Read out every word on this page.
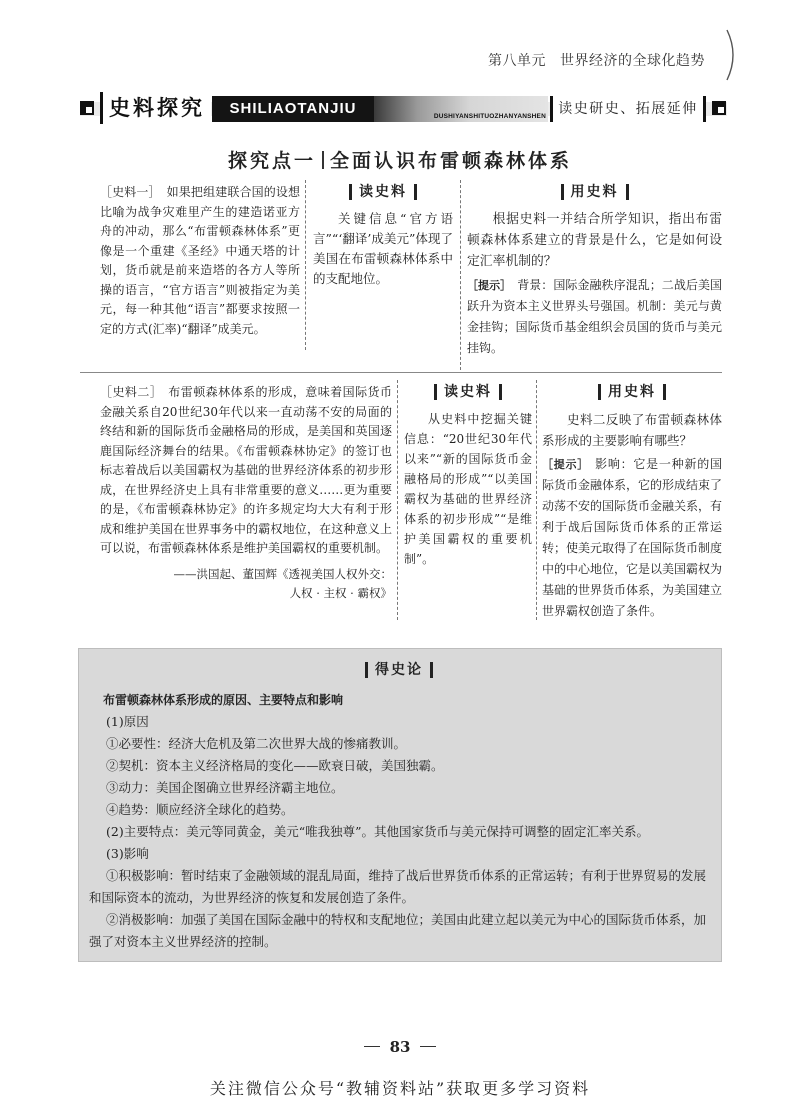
第八单元 世界经济的全球化趋势
史料探究	SHILIAOTANJIU	DUSHIYANSHITUOZHANYANSHEN 读史研史、拓展延伸
探究点一 全面认识布雷顿森林体系

［史料一］ 如果把组建联合国的设想比喻为战争灾难里产生的建造诺亚方舟的冲动，那么“布雷顿森林体系”更像是一个重建《圣经》中通天塔的计划，货币就是前来造塔的各方人等所操的语言，“官方语言”则被指定为美元，每一种其他“语言”都要求按照一定的方式(汇率)“翻译”成美元。

读史料

关键信息“官方语言”“‘翻译’成美元”体现了美国在布雷顿森林体系中的支配地位。

用史料

根据史料一并结合所学知识，指出布雷顿森林体系建立的背景是什么，它是如何设定汇率机制的？

［提示］ 背景：国际金融秩序混乱；二战后美国跃升为资本主义世界头号强国。机制：美元与黄金挂钩；国际货币基金组织会员国的货币与美元挂钩。

［史料二］ 布雷顿森林体系的形成，意味着国际货币金融关系自20世纪30年代以来一直动荡不安的局面的终结和新的国际货币金融格局的形成，是美国和英国逐鹿国际经济舞台的结果。《布雷顿森林协定》的签订也标志着战后以美国霸权为基础的世界经济体系的初步形成，在世界经济史上具有非常重要的意义……更为重要的是，《布雷顿森林协定》的许多规定均大大有利于形成和维护美国在世界事务中的霸权地位，在这种意义上可以说，布雷顿森林体系是维护美国霸权的重要机制。

——洪国起、董国辉《透视美国人权外交：

人权 · 主权 · 霸权》

读史料

从史料中挖掘关键信息：“20世纪30年代以来”“新的国际货币金融格局的形成”“以美国霸权为基础的世界经济体系的初步形成”“是维护美国霸权的重要机制”。

用史料

史料二反映了布雷顿森林体系形成的主要影响有哪些？

［提示］ 影响：它是一种新的国际货币金融体系，它的形成结束了动荡不安的国际货币金融关系，有利于战后国际货币体系的正常运转；使美元取得了在国际货币制度中的中心地位，它是以美国霸权为基础的世界货币体系，为美国建立世界霸权创造了条件。

得史论
布雷顿森林体系形成的原因、主要特点和影响

(1)原因

①必要性：经济大危机及第二次世界大战的惨痛教训。

②契机：资本主义经济格局的变化——欧衰日破，美国独霸。

③动力：美国企图确立世界经济霸主地位。

④趋势：顺应经济全球化的趋势。

(2)主要特点：美元等同黄金，美元“唯我独尊”。其他国家货币与美元保持可调整的固定汇率关系。

(3)影响

①积极影响：暂时结束了金融领域的混乱局面，维持了战后世界货币体系的正常运转；有利于世界贸易的发展和国际资本的流动，为世界经济的恢复和发展创造了条件。

②消极影响：加强了美国在国际金融中的特权和支配地位；美国由此建立起以美元为中心的国际货币体系，加强了对资本主义世界经济的控制。

83
关注微信公众号“教辅资料站”获取更多学习资料
